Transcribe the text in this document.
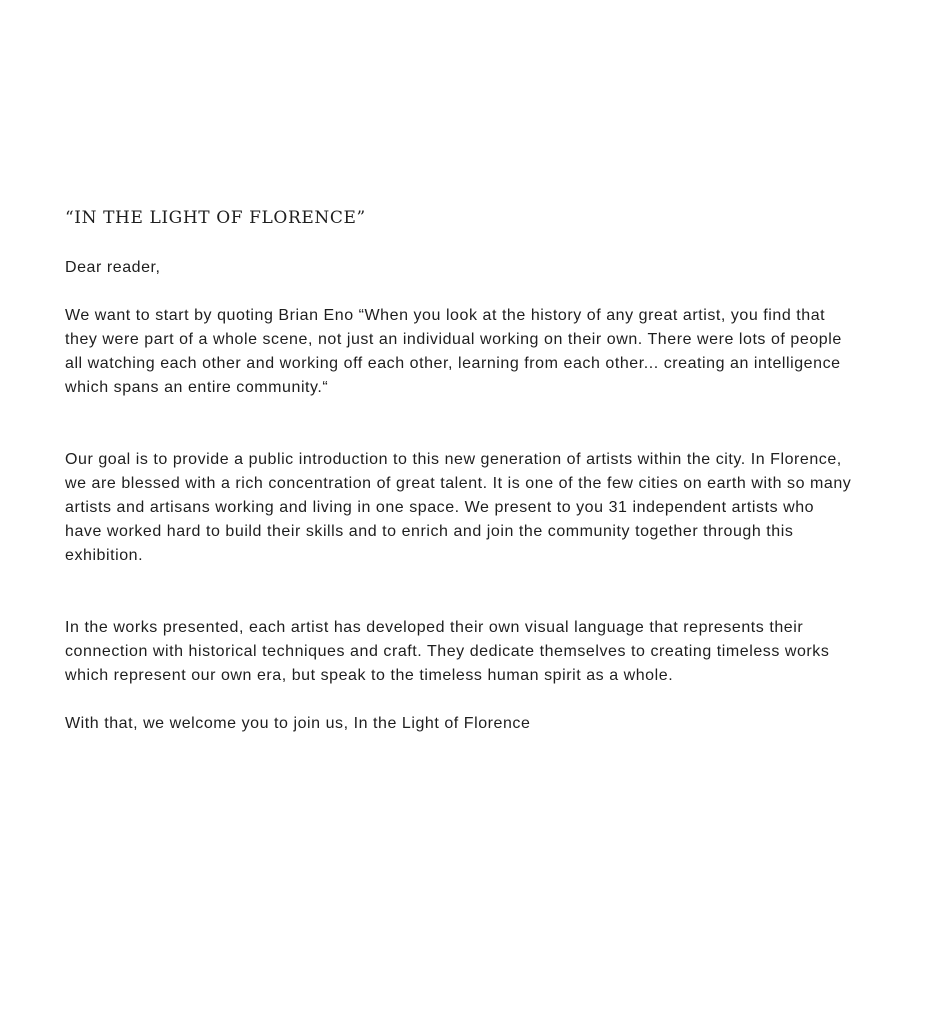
“IN THE LIGHT OF FLORENCE”

Dear reader,

We want to start by quoting Brian Eno “When you look at the history of any great artist, you find that they were part of a whole scene, not just an individual working on their own. There were lots of people all watching each other and working off each other, learning from each other... creating an intelligence which spans an entire community.“

Our goal is to provide a public introduction to this new generation of artists within the city. In Florence, we are blessed with a rich concentration of great talent. It is one of the few cities on earth with so many artists and artisans working and living in one space. We present to you 31 independent artists who have worked hard to build their skills and to enrich and join the community together through this exhibition.

In the works presented, each artist has developed their own visual language that represents their connection with historical techniques and craft. They dedicate themselves to creating timeless works which represent our own era, but speak to the timeless human spirit as a whole.

With that, we welcome you to join us, In the Light of Florence
